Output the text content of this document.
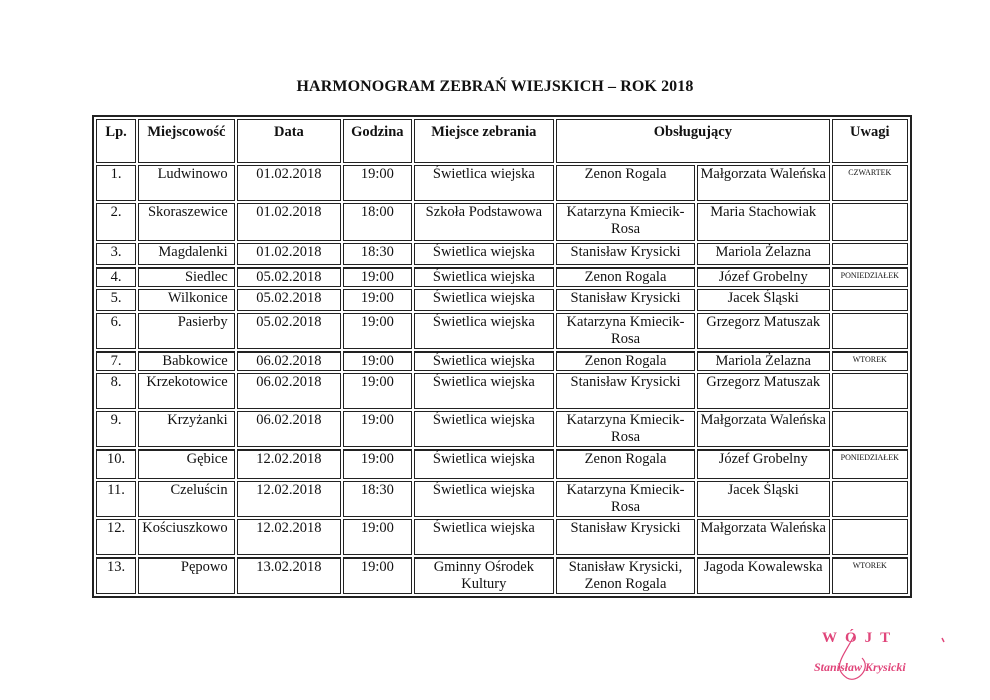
HARMONOGRAM ZEBRAŃ WIEJSKICH – ROK 2018
Lp.	Miejscowość	Data	Godzina	Miejsce zebrania	Obsługujący		Uwagi
1.	Ludwinowo	01.02.2018	19:00	Świetlica wiejska	Zenon Rogala	Małgorzata Waleńska	CZWARTEK
2.	Skoraszewice	01.02.2018	18:00	Szkoła Podstawowa	Katarzyna Kmiecik-Rosa	Maria Stachowiak	
3.	Magdalenki	01.02.2018	18:30	Świetlica wiejska	Stanisław Krysicki	Mariola Żelazna	
4.	Siedlec	05.02.2018	19:00	Świetlica wiejska	Zenon Rogala	Józef Grobelny	PONIEDZIAŁEK
5.	Wilkonice	05.02.2018	19:00	Świetlica wiejska	Stanisław Krysicki	Jacek Śląski	
6.	Pasierby	05.02.2018	19:00	Świetlica wiejska	Katarzyna Kmiecik-Rosa	Grzegorz Matuszak	
7.	Babkowice	06.02.2018	19:00	Świetlica wiejska	Zenon Rogala	Mariola Żelazna	WTOREK
8.	Krzekotowice	06.02.2018	19:00	Świetlica wiejska	Stanisław Krysicki	Grzegorz Matuszak	
9.	Krzyżanki	06.02.2018	19:00	Świetlica wiejska	Katarzyna Kmiecik-Rosa	Małgorzata Waleńska	
10.	Gębice	12.02.2018	19:00	Świetlica wiejska	Zenon Rogala	Józef Grobelny	PONIEDZIAŁEK
11.	Czeluścin	12.02.2018	18:30	Świetlica wiejska	Katarzyna Kmiecik-Rosa	Jacek Śląski	
12.	Kościuszkowo	12.02.2018	19:00	Świetlica wiejska	Stanisław Krysicki	Małgorzata Waleńska	
13.	Pępowo	13.02.2018	19:00	Gminny Ośrodek Kultury	Stanisław Krysicki, Zenon Rogala	Jagoda Kowalewska	WTOREK
WÓJT
Stanisław Krysicki
